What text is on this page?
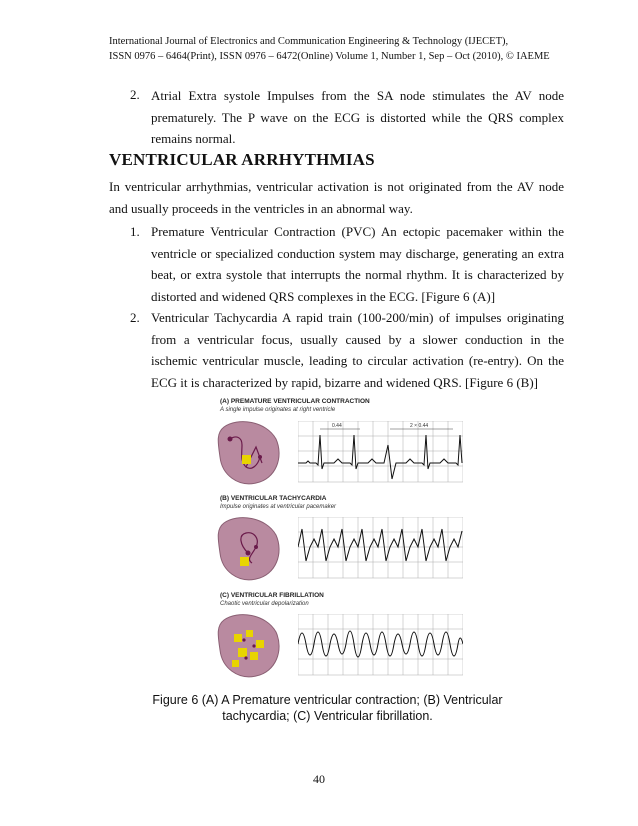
International Journal of Electronics and Communication Engineering & Technology (IJECET),
ISSN 0976 – 6464(Print), ISSN 0976 – 6472(Online) Volume 1, Number 1, Sep – Oct (2010), © IAEME
2. Atrial Extra systole Impulses from the SA node stimulates the AV node prematurely. The P wave on the ECG is distorted while the QRS complex remains normal.
VENTRICULAR ARRHYTHMIAS
In ventricular arrhythmias, ventricular activation is not originated from the AV node and usually proceeds in the ventricles in an abnormal way.
1. Premature Ventricular Contraction (PVC) An ectopic pacemaker within the ventricle or specialized conduction system may discharge, generating an extra beat, or extra systole that interrupts the normal rhythm. It is characterized by distorted and widened QRS complexes in the ECG. [Figure 6 (A)]
2. Ventricular Tachycardia A rapid train (100-200/min) of impulses originating from a ventricular focus, usually caused by a slower conduction in the ischemic ventricular muscle, leading to circular activation (re-entry). On the ECG it is characterized by rapid, bizarre and widened QRS. [Figure 6 (B)]
(A) PREMATURE VENTRICULAR CONTRACTION
A single impulse originates at right ventricle
0.44	2 × 0.44
(B) VENTRICULAR TACHYCARDIA
Impulse originates at ventricular pacemaker
(C) VENTRICULAR FIBRILLATION
Chaotic ventricular depolarization
Figure 6 (A) A Premature ventricular contraction; (B) Ventricular tachycardia; (C) Ventricular fibrillation.
40
